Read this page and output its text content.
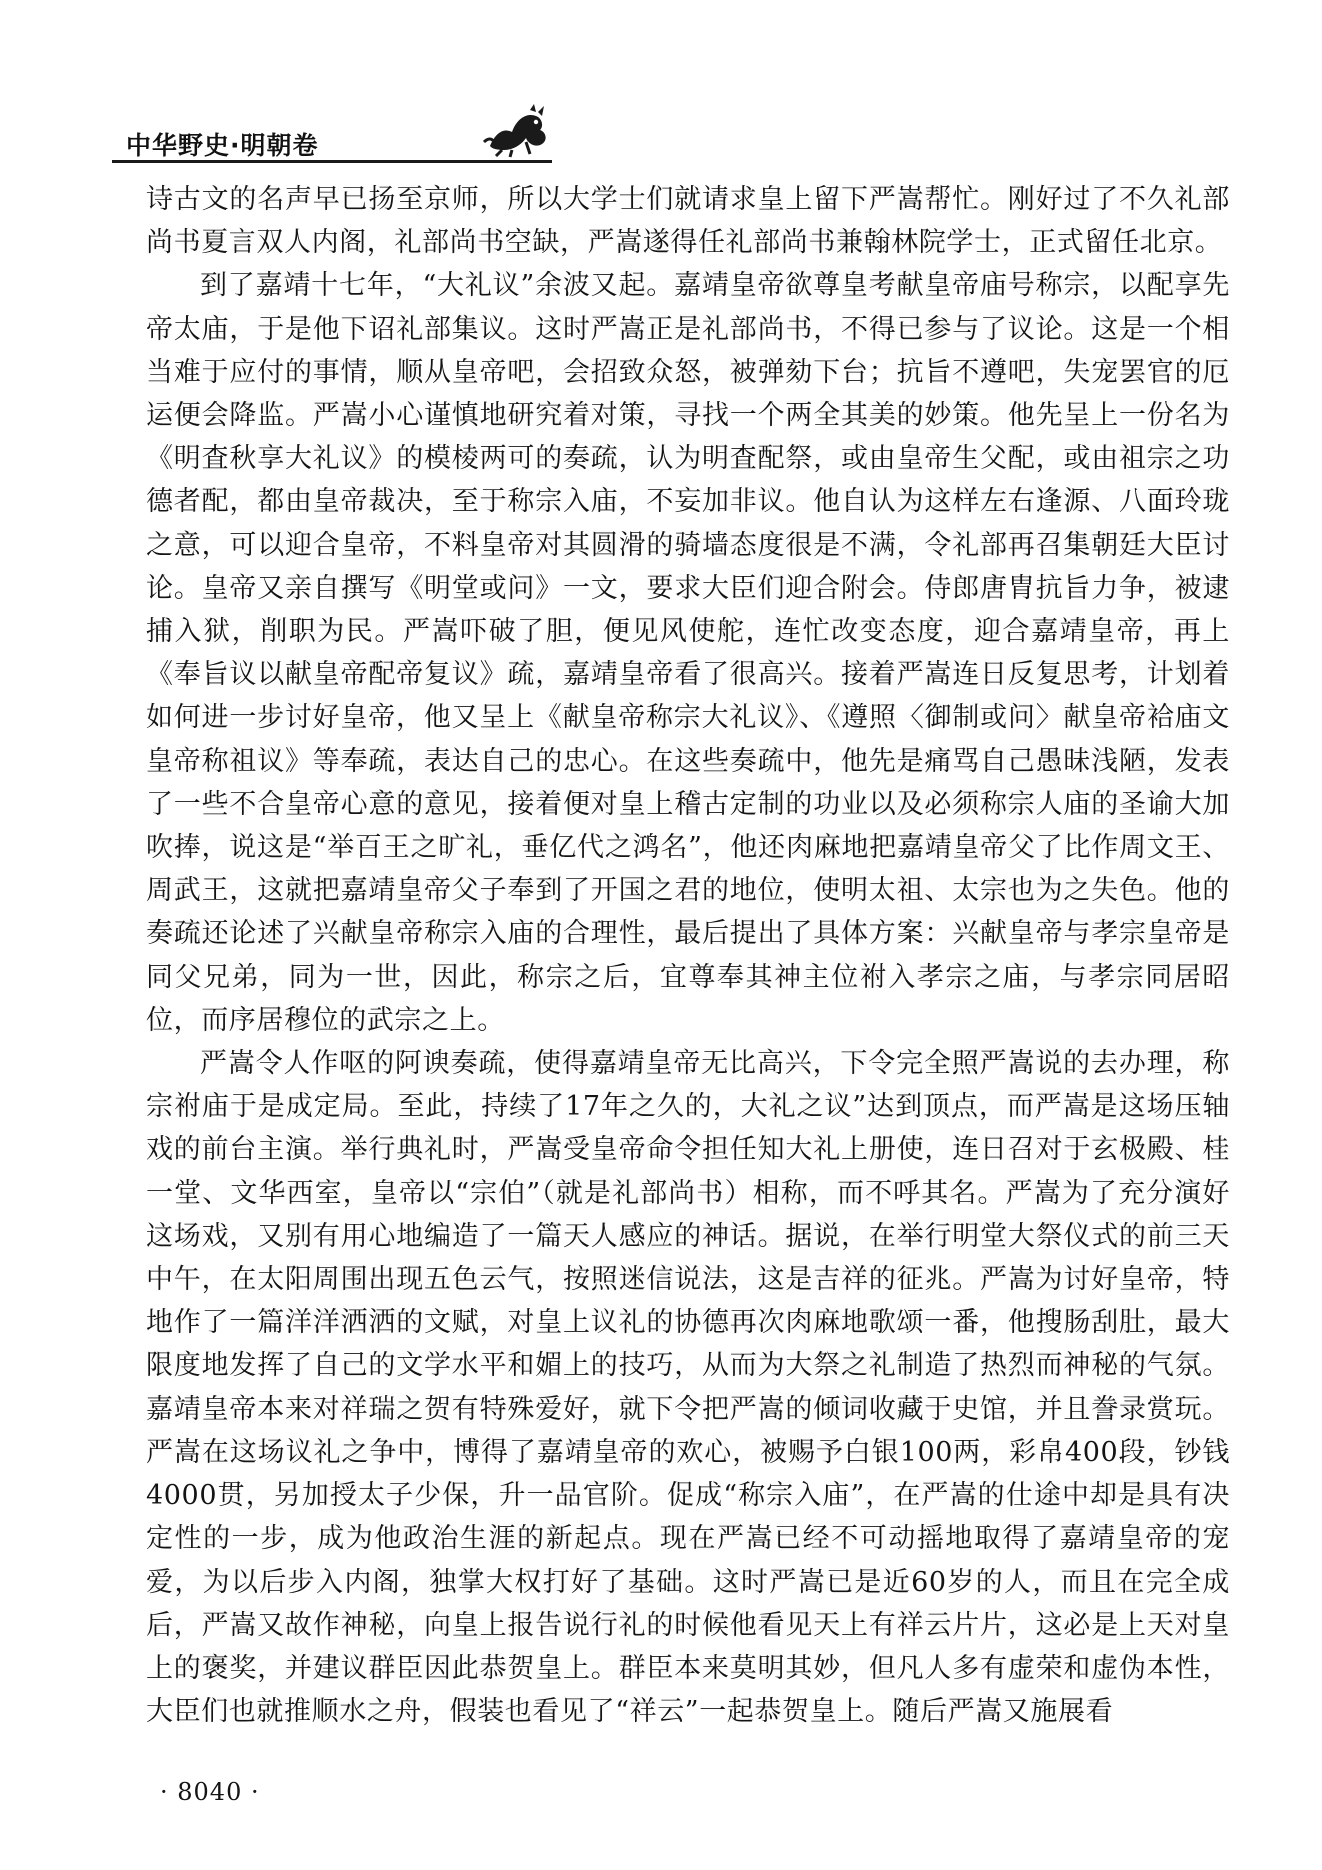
中华野史·明朝卷

诗古文的名声早已扬至京师，所以大学士们就请求皇上留下严嵩帮忙。刚好过了不久礼部尚书夏言双人内阁，礼部尚书空缺，严嵩遂得任礼部尚书兼翰林院学士，正式留任北京。

到了嘉靖十七年，“大礼议”余波又起。嘉靖皇帝欲尊皇考献皇帝庙号称宗，以配享先帝太庙，于是他下诏礼部集议。这时严嵩正是礼部尚书，不得已参与了议论。这是一个相当难于应付的事情，顺从皇帝吧，会招致众怒，被弹劾下台；抗旨不遵吧，失宠罢官的厄运便会降监。严嵩小心谨慎地研究着对策，寻找一个两全其美的妙策。他先呈上一份名为《明査秋享大礼议》的模棱两可的奏疏，认为明査配祭，或由皇帝生父配，或由祖宗之功德者配，都由皇帝裁决，至于称宗入庙，不妄加非议。他自认为这样左右逢源、八面玲珑之意，可以迎合皇帝，不料皇帝对其圆滑的骑墙态度很是不满，令礼部再召集朝廷大臣讨论。皇帝又亲自撰写《明堂或问》一文，要求大臣们迎合附会。侍郎唐胄抗旨力争，被逮捕入狱，削职为民。严嵩吓破了胆，便见风使舵，连忙改变态度，迎合嘉靖皇帝，再上《奉旨议以献皇帝配帝复议》疏，嘉靖皇帝看了很高兴。接着严嵩连日反复思考，计划着如何进一步讨好皇帝，他又呈上《献皇帝称宗大礼议》、《遵照〈御制或问〉献皇帝袷庙文皇帝称祖议》等奉疏，表达自己的忠心。在这些奏疏中，他先是痛骂自己愚昧浅陋，发表了一些不合皇帝心意的意见，接着便对皇上稽古定制的功业以及必须称宗人庙的圣谕大加吹捧，说这是“举百王之旷礼，垂亿代之鸿名”，他还肉麻地把嘉靖皇帝父了比作周文王、周武王，这就把嘉靖皇帝父子奉到了开国之君的地位，使明太祖、太宗也为之失色。他的奏疏还论述了兴献皇帝称宗入庙的合理性，最后提出了具体方案：兴献皇帝与孝宗皇帝是同父兄弟，同为一世，因此，称宗之后，宜尊奉其神主位祔入孝宗之庙，与孝宗同居昭位，而序居穆位的武宗之上。

严嵩令人作呕的阿谀奏疏，使得嘉靖皇帝无比高兴，下令完全照严嵩说的去办理，称宗祔庙于是成定局。至此，持续了17年之久的，大礼之议”达到顶点，而严嵩是这场压轴戏的前台主演。举行典礼时，严嵩受皇帝命令担任知大礼上册使，连日召对于玄极殿、桂一堂、文华西室，皇帝以“宗伯”（就是礼部尚书）相称，而不呼其名。严嵩为了充分演好这场戏，又别有用心地编造了一篇天人感应的神话。据说，在举行明堂大祭仪式的前三天中午，在太阳周围出现五色云气，按照迷信说法，这是吉祥的征兆。严嵩为讨好皇帝，特地作了一篇洋洋洒洒的文赋，对皇上议礼的协德再次肉麻地歌颂一番，他搜肠刮肚，最大限度地发挥了自己的文学水平和媚上的技巧，从而为大祭之礼制造了热烈而神秘的气氛。嘉靖皇帝本来对祥瑞之贺有特殊爱好，就下令把严嵩的倾词收藏于史馆，并且誊录赏玩。严嵩在这场议礼之争中，博得了嘉靖皇帝的欢心，被赐予白银100两，彩帛400段，钞钱4000贯，另加授太子少保，升一品官阶。促成“称宗入庙”，在严嵩的仕途中却是具有决定性的一步，成为他政治生涯的新起点。现在严嵩已经不可动摇地取得了嘉靖皇帝的宠爱，为以后步入内阁，独掌大权打好了基础。这时严嵩已是近60岁的人，而且在完全成后，严嵩又故作神秘，向皇上报告说行礼的时候他看见天上有祥云片片，这必是上天对皇上的褒奖，并建议群臣因此恭贺皇上。群臣本来莫明其妙，但凡人多有虚荣和虚伪本性，大臣们也就推顺水之舟，假装也看见了“祥云”一起恭贺皇上。随后严嵩又施展看

· 8040 ·
